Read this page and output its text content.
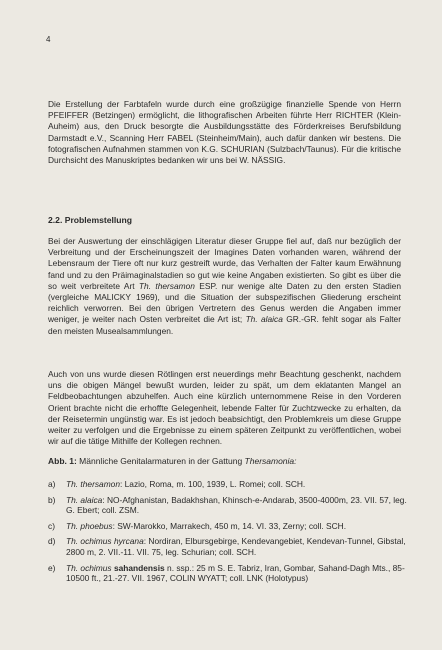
4
Die Erstellung der Farbtafeln wurde durch eine großzügige finanzielle Spende von Herrn PFEIFFER (Betzingen) ermöglicht, die lithografischen Arbeiten führte Herr RICHTER (Klein-Auheim) aus, den Druck besorgte die Ausbildungsstätte des Förderkreises Berufsbildung Darmstadt e.V., Scanning Herr FABEL (Steinheim/Main), auch dafür danken wir bestens. Die fotografischen Aufnahmen stammen von K.G. SCHURIAN (Sulzbach/Taunus). Für die kritische Durchsicht des Manuskriptes bedanken wir uns bei W. NÄSSIG.
2.2. Problemstellung
Bei der Auswertung der einschlägigen Literatur dieser Gruppe fiel auf, daß nur bezüglich der Verbreitung und der Erscheinungszeit der Imagines Daten vorhanden waren, während der Lebensraum der Tiere oft nur kurz gestreift wurde, das Verhalten der Falter kaum Erwähnung fand und zu den Präimaginalstadien so gut wie keine Angaben existierten. So gibt es über die so weit verbreitete Art Th. thersamon ESP. nur wenige alte Daten zu den ersten Stadien (vergleiche MALICKY 1969), und die Situation der subspezifischen Gliederung erscheint reichlich verworren. Bei den übrigen Vertretern des Genus werden die Angaben immer weniger, je weiter nach Osten verbreitet die Art ist; Th. alaica GR.-GR. fehlt sogar als Falter den meisten Musealsammlungen.
Auch von uns wurde diesen Rötlingen erst neuerdings mehr Beachtung geschenkt, nachdem uns die obigen Mängel bewußt wurden, leider zu spät, um dem eklatanten Mangel an Feldbeobachtungen abzuhelfen. Auch eine kürzlich unternommene Reise in den Vorderen Orient brachte nicht die erhoffte Gelegenheit, lebende Falter für Zuchtzwecke zu erhalten, da der Reisetermin ungünstig war. Es ist jedoch beabsichtigt, den Problemkreis um diese Gruppe weiter zu verfolgen und die Ergebnisse zu einem späteren Zeitpunkt zu veröffentlichen, wobei wir auf die tätige Mithilfe der Kollegen rechnen.
Abb. 1: Männliche Genitalarmaturen in der Gattung Thersamonia:
a) Th. thersamon: Lazio, Roma, m. 100, 1939, L. Romei; coll. SCH.
b) Th. alaica: NO-Afghanistan, Badakhshan, Khinsch-e-Andarab, 3500-4000m, 23. VII. 57, leg. G. Ebert; coll. ZSM.
c) Th. phoebus: SW-Marokko, Marrakech, 450 m, 14. VI. 33, Zerny; coll. SCH.
d) Th. ochimus hyrcana: Nordiran, Elbursgebirge, Kendevangebiet, Kendevan-Tunnel, Gibstal, 2800 m, 2. VII.-11. VII. 75, leg. Schurian; coll. SCH.
e) Th. ochimus sahandensis n. ssp.: 25 m S. E. Tabriz, Iran, Gombar, Sahand-Dagh Mts., 85-10500 ft., 21.-27. VII. 1967, COLIN WYATT; coll. LNK (Holotypus)
